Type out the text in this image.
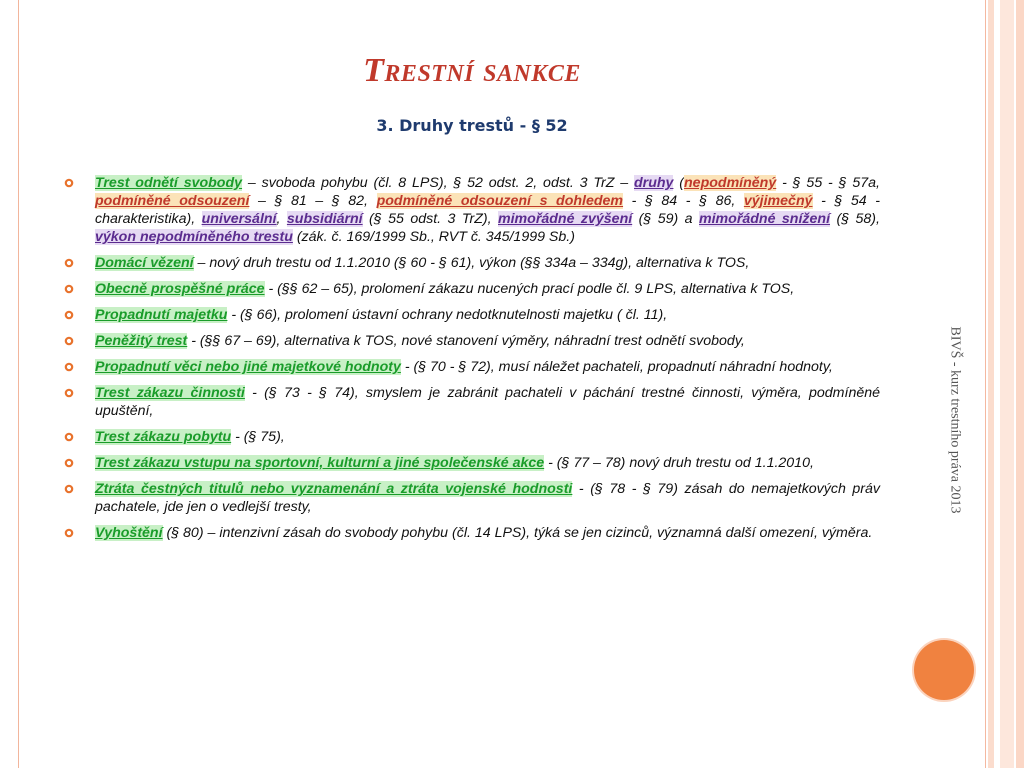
Trestní sankce
3. Druhy trestů - § 52
Trest odnětí svobody – svoboda pohybu (čl. 8 LPS), § 52 odst. 2, odst. 3 TrZ – druhy (nepodmíněný - § 55 - § 57a, podmíněné odsouzení – § 81 – § 82, podmíněné odsouzení s dohledem - § 84 - § 86, výjimečný - § 54 - charakteristika), universální, subsidiární (§ 55 odst. 3 TrZ), mimořádné zvýšení (§ 59) a mimořádné snížení (§ 58), výkon nepodmíněného trestu (zák. č. 169/1999 Sb., RVT č. 345/1999 Sb.)
Domácí vězení – nový druh trestu od 1.1.2010 (§ 60 - § 61), výkon (§§ 334a – 334g), alternativa k TOS,
Obecně prospěšné práce - (§§ 62 – 65), prolomení zákazu nucených prací podle čl. 9 LPS, alternativa k TOS,
Propadnutí majetku - (§ 66), prolomení ústavní ochrany nedotknutelnosti majetku ( čl. 11),
Peněžitý trest - (§§ 67 – 69), alternativa k TOS, nové stanovení výměry, náhradní trest odnětí svobody,
Propadnutí věci nebo jiné majetkové hodnoty - (§ 70 - § 72), musí náležet pachateli, propadnutí náhradní hodnoty,
Trest zákazu činnosti - (§ 73 - § 74), smyslem je zabránit pachateli v páchání trestné činnosti, výměra, podmíněné upuštění,
Trest zákazu pobytu - (§ 75),
Trest zákazu vstupu na sportovní, kulturní a jiné společenské akce - (§ 77 – 78) nový druh trestu od 1.1.2010,
Ztráta čestných titulů nebo vyznamenání a ztráta vojenské hodnosti - (§ 78 - § 79) zásah do nemajetkových práv pachatele, jde jen o vedlejší tresty,
Vyhoštění (§ 80) – intenzivní zásah do svobody pohybu (čl. 14 LPS), týká se jen cizinců, významná další omezení, výměra.
BIVŠ - kurz trestního práva 2013
